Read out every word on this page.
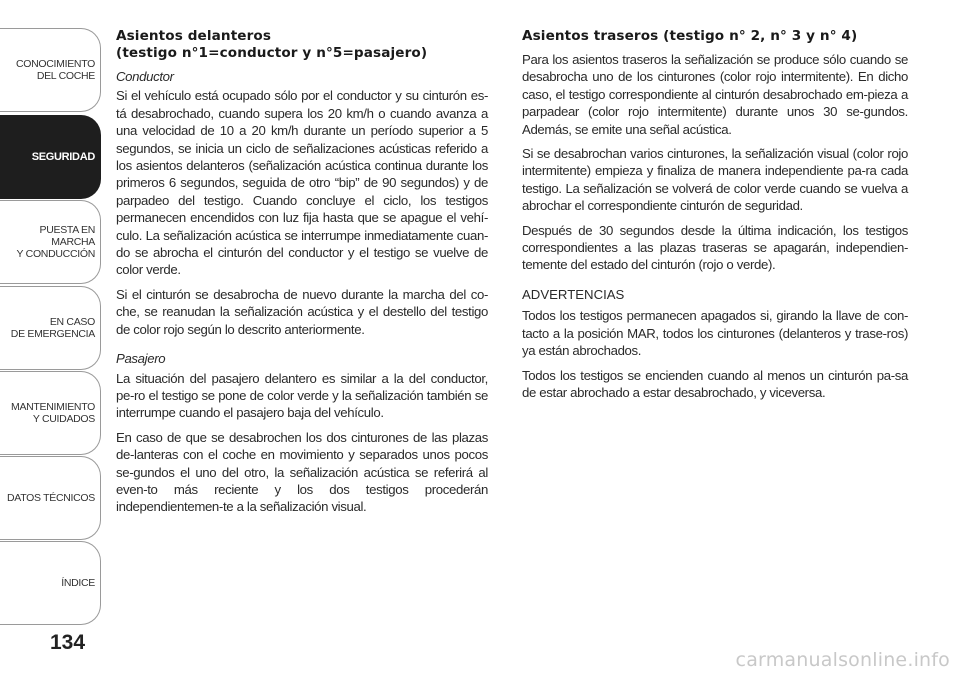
CONOCIMIENTO
DEL COCHE
SEGURIDAD
PUESTA EN MARCHA
Y CONDUCCIÓN
EN CASO
DE EMERGENCIA
MANTENIMIENTO
Y CUIDADOS
DATOS TÉCNICOS
ÍNDICE
134
Asientos delanteros
(testigo n°1=conductor y n°5=pasajero)

Conductor

Si el vehículo está ocupado sólo por el conductor y su cinturón es-tá desabrochado, cuando supera los 20 km/h o cuando avanza a una velocidad de 10 a 20 km/h durante un período superior a 5 segundos, se inicia un ciclo de señalizaciones acústicas referido a los asientos delanteros (señalización acústica continua durante los primeros 6 segundos, seguida de otro “bip” de 90 segundos) y de parpadeo del testigo. Cuando concluye el ciclo, los testigos permanecen encendidos con luz fija hasta que se apague el vehí-culo. La señalización acústica se interrumpe inmediatamente cuan-do se abrocha el cinturón del conductor y el testigo se vuelve de color verde.

Si el cinturón se desabrocha de nuevo durante la marcha del co-che, se reanudan la señalización acústica y el destello del testigo de color rojo según lo descrito anteriormente.

Pasajero

La situación del pasajero delantero es similar a la del conductor, pe-ro el testigo se pone de color verde y la señalización también se interrumpe cuando el pasajero baja del vehículo.

En caso de que se desabrochen los dos cinturones de las plazas de-lanteras con el coche en movimiento y separados unos pocos se-gundos el uno del otro, la señalización acústica se referirá al even-to más reciente y los dos testigos procederán independientemen-te a la señalización visual.

Asientos traseros (testigo n° 2, n° 3 y n° 4)

Para los asientos traseros la señalización se produce sólo cuando se desabrocha uno de los cinturones (color rojo intermitente). En dicho caso, el testigo correspondiente al cinturón desabrochado em-pieza a parpadear (color rojo intermitente) durante unos 30 se-gundos. Además, se emite una señal acústica.

Si se desabrochan varios cinturones, la señalización visual (color rojo intermitente) empieza y finaliza de manera independiente pa-ra cada testigo. La señalización se volverá de color verde cuando se vuelva a abrochar el correspondiente cinturón de seguridad.

Después de 30 segundos desde la última indicación, los testigos correspondientes a las plazas traseras se apagarán, independien-temente del estado del cinturón (rojo o verde).

ADVERTENCIAS

Todos los testigos permanecen apagados si, girando la llave de con-tacto a la posición MAR, todos los cinturones (delanteros y trase-ros) ya están abrochados.

Todos los testigos se encienden cuando al menos un cinturón pa-sa de estar abrochado a estar desabrochado, y viceversa.

carmanualsonline.info
